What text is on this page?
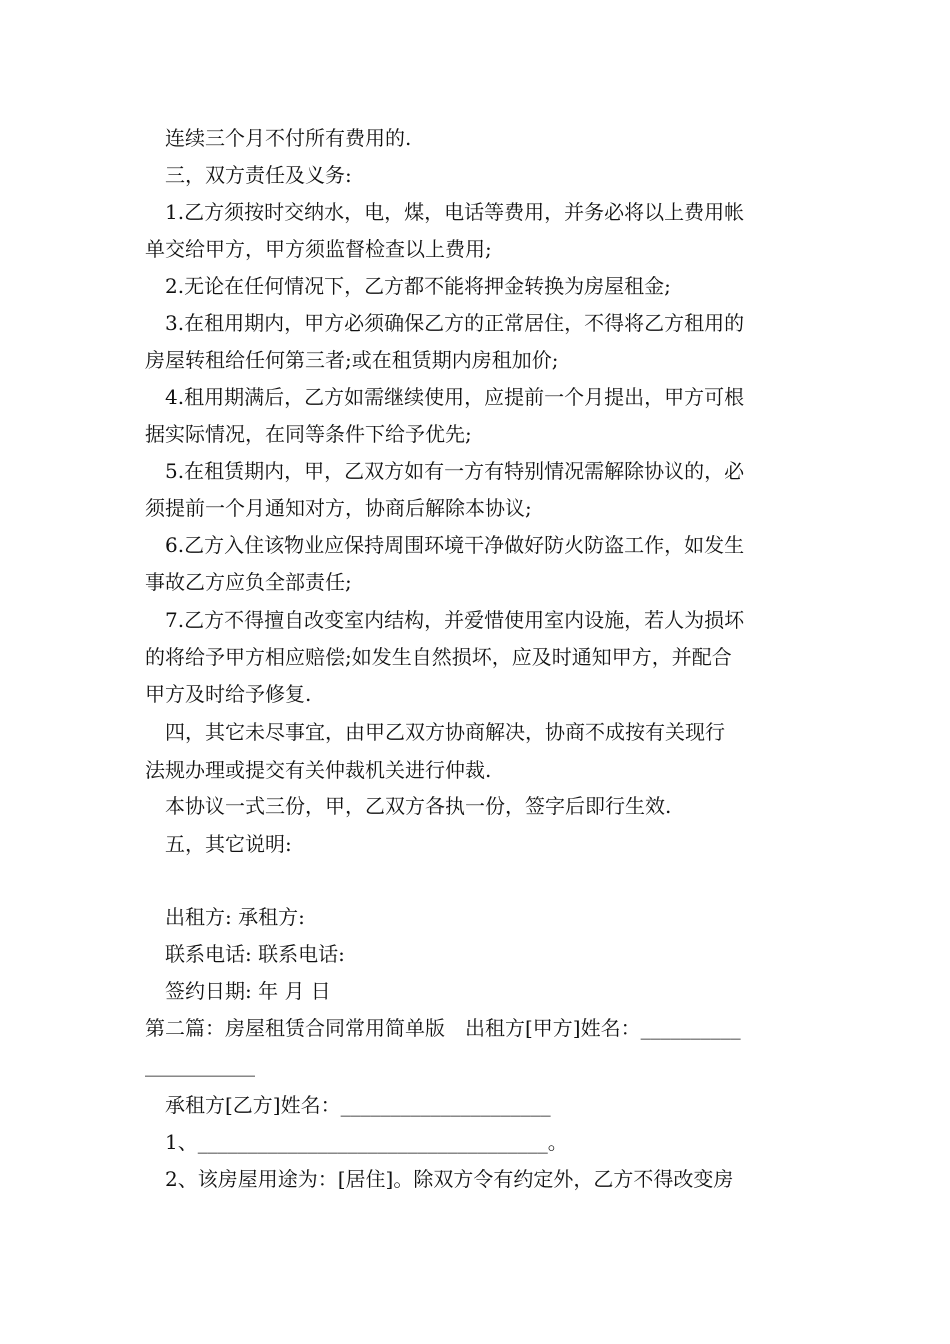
连续三个月不付所有费用的.
三，双方责任及义务:
1.乙方须按时交纳水，电，煤，电话等费用，并务必将以上费用帐
单交给甲方，甲方须监督检查以上费用;
2.无论在任何情况下，乙方都不能将押金转换为房屋租金;
3.在租用期内，甲方必须确保乙方的正常居住，不得将乙方租用的
房屋转租给任何第三者;或在租赁期内房租加价;
4.租用期满后，乙方如需继续使用，应提前一个月提出，甲方可根
据实际情况，在同等条件下给予优先;
5.在租赁期内，甲，乙双方如有一方有特别情况需解除协议的，必
须提前一个月通知对方，协商后解除本协议;
6.乙方入住该物业应保持周围环境干净做好防火防盗工作，如发生
事故乙方应负全部责任;
7.乙方不得擅自改变室内结构，并爱惜使用室内设施，若人为损坏
的将给予甲方相应赔偿;如发生自然损坏，应及时通知甲方，并配合
甲方及时给予修复.
四，其它未尽事宜，由甲乙双方协商解决，协商不成按有关现行
法规办理或提交有关仲裁机关进行仲裁.
本协议一式三份，甲，乙双方各执一份，签字后即行生效.
五，其它说明:
出租方: 承租方:
联系电话: 联系电话:
签约日期: 年 月 日
第二篇：房屋租赁合同常用简单版　出租方[甲方]姓名：__________
___________
承租方[乙方]姓名：_____________________
1、___________________________________。
2、该房屋用途为：[居住]。除双方令有约定外，乙方不得改变房
